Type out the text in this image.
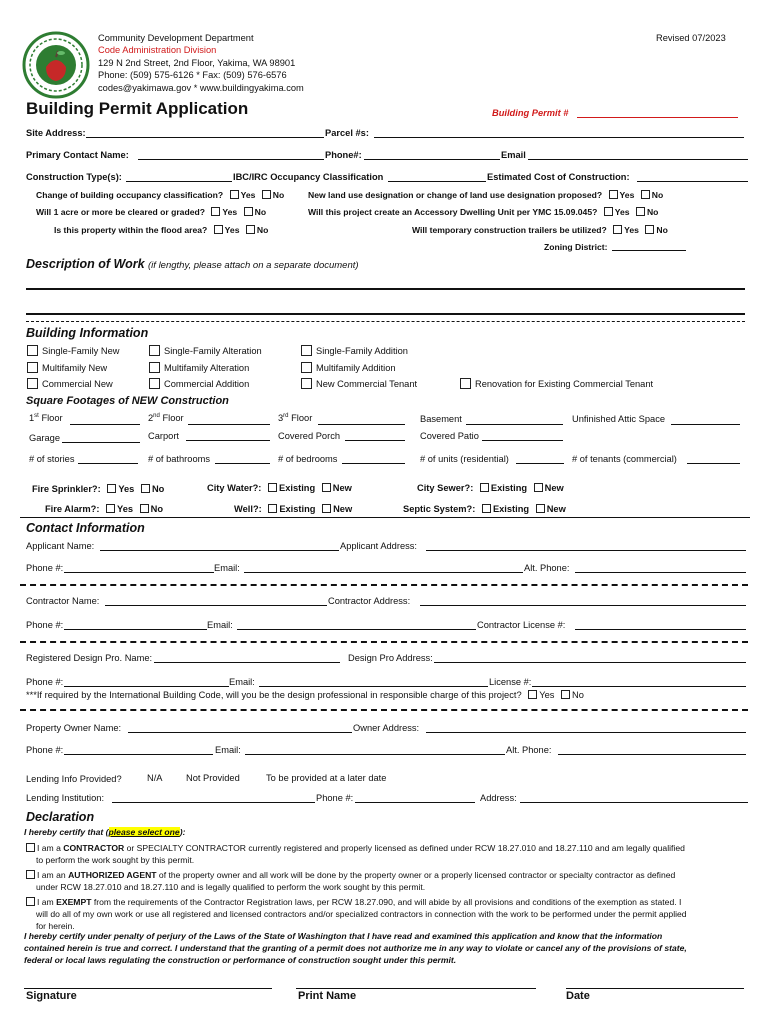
Community Development Department
Code Administration Division
129 N 2nd Street, 2nd Floor, Yakima, WA 98901
Phone: (509) 575-6126 * Fax: (509) 576-6576
codes@yakimawa.gov * www.buildingyakima.com
Revised 07/2023
Building Permit Application	Building Permit #
Site Address:	Parcel #s:
Primary Contact Name:	Phone#:	Email
Construction Type(s):	IBC/IRC Occupancy Classification	Estimated Cost of Construction:
Change of building occupancy classification? Yes No
Will 1 acre or more be cleared or graded? Yes No
Is this property within the flood area? Yes No
New land use designation or change of land use designation proposed? Yes No
Will this project create an Accessory Dwelling Unit per YMC 15.09.045? Yes No
Will temporary construction trailers be utilized? Yes No
Zoning District:
Description of Work (if lengthy, please attach on a separate document)
Building Information
Single-Family New	Single-Family Alteration	Single-Family Addition
Multifamily New	Multifamily Alteration	Multifamily Addition
Commercial New	Commercial Addition	New Commercial Tenant	Renovation for Existing Commercial Tenant
Square Footages of NEW Construction
1st Floor	2nd Floor	3rd Floor	Basement	Unfinished Attic Space
Garage	Carport	Covered Porch	Covered Patio
# of stories	# of bathrooms	# of bedrooms	# of units (residential)	# of tenants (commercial)
Fire Sprinkler?: Yes No
Fire Alarm?: Yes No
City Water?: Existing New
Well?: Existing New
City Sewer?: Existing New
Septic System?: Existing New
Contact Information
Applicant Name:	Applicant Address:
Phone #:	Email:	Alt. Phone:
Contractor Name:	Contractor Address:
Phone #:	Email:	Contractor License #:
Registered Design Pro. Name:	Design Pro Address:
Phone #:	Email:	License #:
***If required by the International Building Code, will you be the design professional in responsible charge of this project? Yes No
Property Owner Name:	Owner Address:
Phone #:	Email:	Alt. Phone:
Lending Info Provided?	N/A	Not Provided	To be provided at a later date
Lending Institution:	Phone #:	Address:
Declaration
I hereby certify that (please select one):
I am a CONTRACTOR or SPECIALTY CONTRACTOR currently registered and properly licensed as defined under RCW 18.27.010 and 18.27.110 and am legally qualified
to perform the work sought by this permit.
I am an AUTHORIZED AGENT of the property owner and all work will be done by the property owner or a properly licensed contractor or specialty contractor as defined
under RCW 18.27.010 and 18.27.110 and is legally qualified to perform the work sought by this permit.
I am EXEMPT from the requirements of the Contractor Registration laws, per RCW 18.27.090, and will abide by all provisions and conditions of the exemption as stated. I
will do all of my own work or use all registered and licensed contractors and/or specialized contractors in connection with the work to be performed under the permit applied
for herein.
I hereby certify under penalty of perjury of the Laws of the State of Washington that I have read and examined this application and know that the information
contained herein is true and correct. I understand that the granting of a permit does not authorize me in any way to violate or cancel any of the provisions of state,
federal or local laws regulating the construction or performance of construction sought under this permit.
Signature	Print Name	Date
